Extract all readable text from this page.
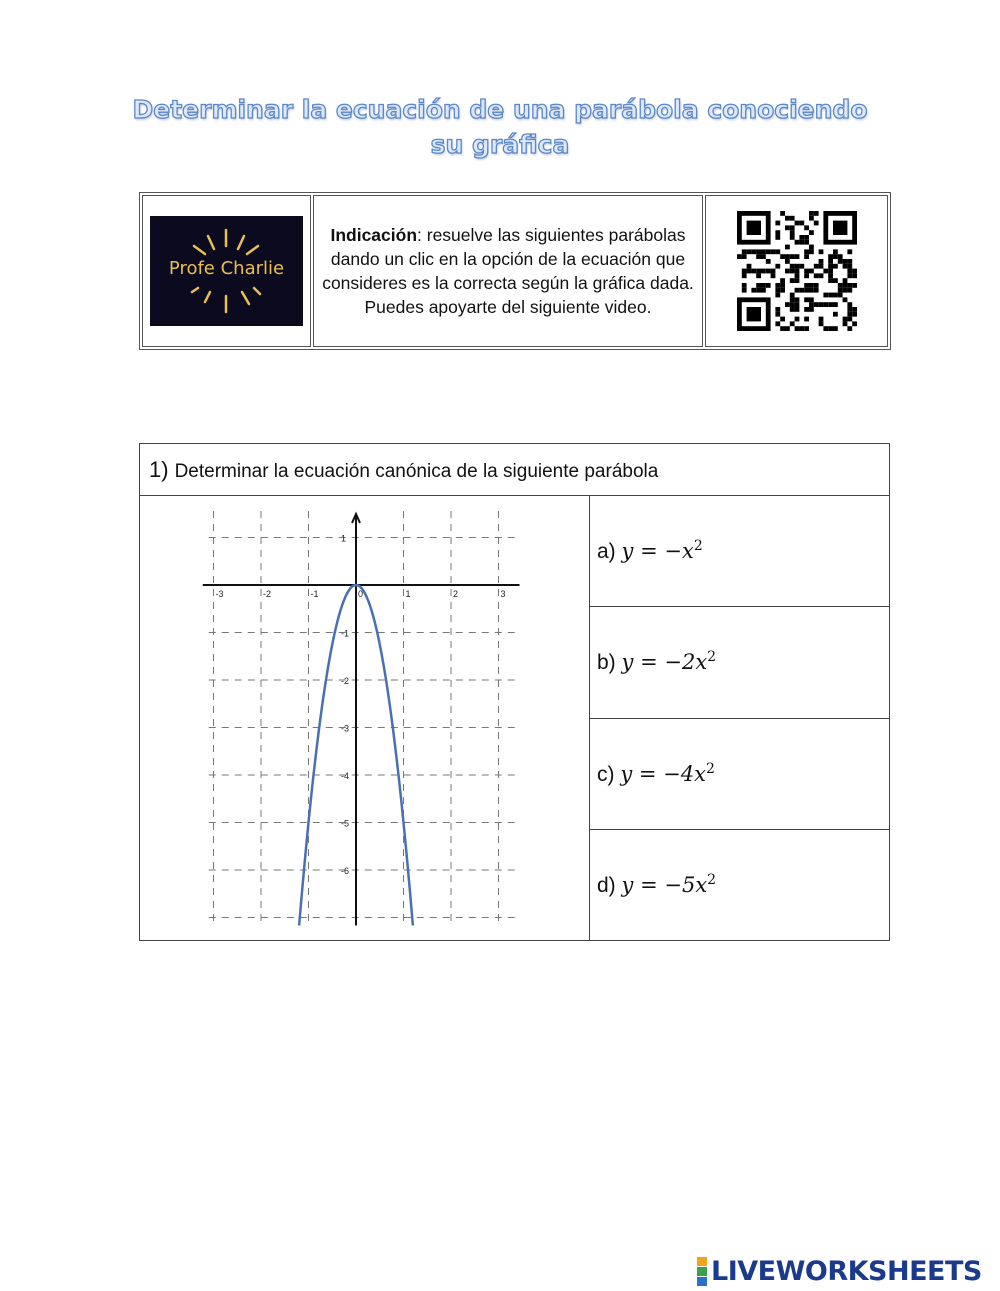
Determinar la ecuación de una parábola conociendo
su gráfica
Profe Charlie
	Indicación: resuelve las siguientes parábolas dando un clic en la opción de la ecuación que consideres es la correcta según la gráfica dada. Puedes apoyarte del siguiente video.	
1) Determinar la ecuación canónica de la siguiente parábola

-3	-2	-1	0	1	2	3
1
-1
-2
-3
-4
-5
-6
	a) $y = -x^2$
b) $y = -2x^2$
c) $y = -4x^2$
d) $y = -5x^2$
LIVEWORKSHEETS
